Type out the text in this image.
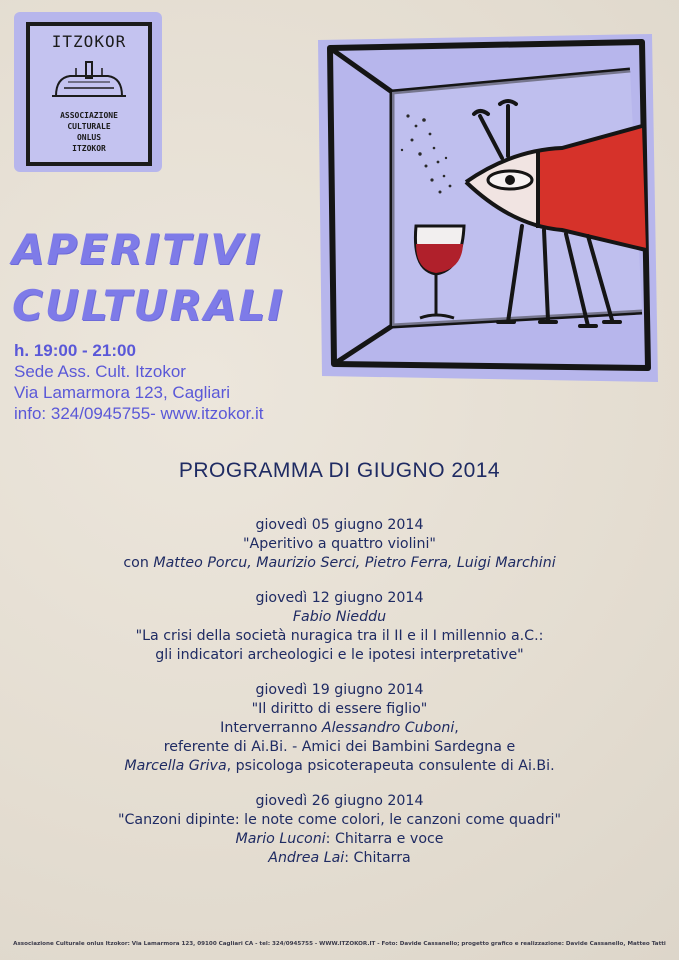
ITZOKOR
ASSOCIAZIONE
CULTURALE
ONLUS
ITZOKOR
APERITIVI
CULTURALI
h. 19:00 - 21:00
Sede Ass. Cult. Itzokor
Via Lamarmora 123, Cagliari
info: 324/0945755- www.itzokor.it
PROGRAMMA DI GIUGNO 2014
giovedì 05 giugno 2014
"Aperitivo a quattro violini"
con Matteo Porcu, Maurizio Serci, Pietro Ferra, Luigi Marchini
giovedì 12 giugno 2014
Fabio Nieddu
"La crisi della società nuragica tra il II e il I millennio a.C.:
gli indicatori archeologici e le ipotesi interpretative"
giovedì 19 giugno 2014
"Il diritto di essere figlio"
Interverranno Alessandro Cuboni,
referente di Ai.Bi. - Amici dei Bambini Sardegna e
Marcella Griva, psicologa psicoterapeuta consulente di Ai.Bi.
giovedì 26 giugno 2014
"Canzoni dipinte: le note come colori, le canzoni come quadri"
Mario Luconi: Chitarra e voce
Andrea Lai: Chitarra
Associazione Culturale onlus Itzokor: Via Lamarmora 123, 09100 Cagliari CA - tel: 324/0945755 - WWW.ITZOKOR.IT - Foto: Davide Cassanello; progetto grafico e realizzazione: Davide Cassanello, Matteo Tatti
